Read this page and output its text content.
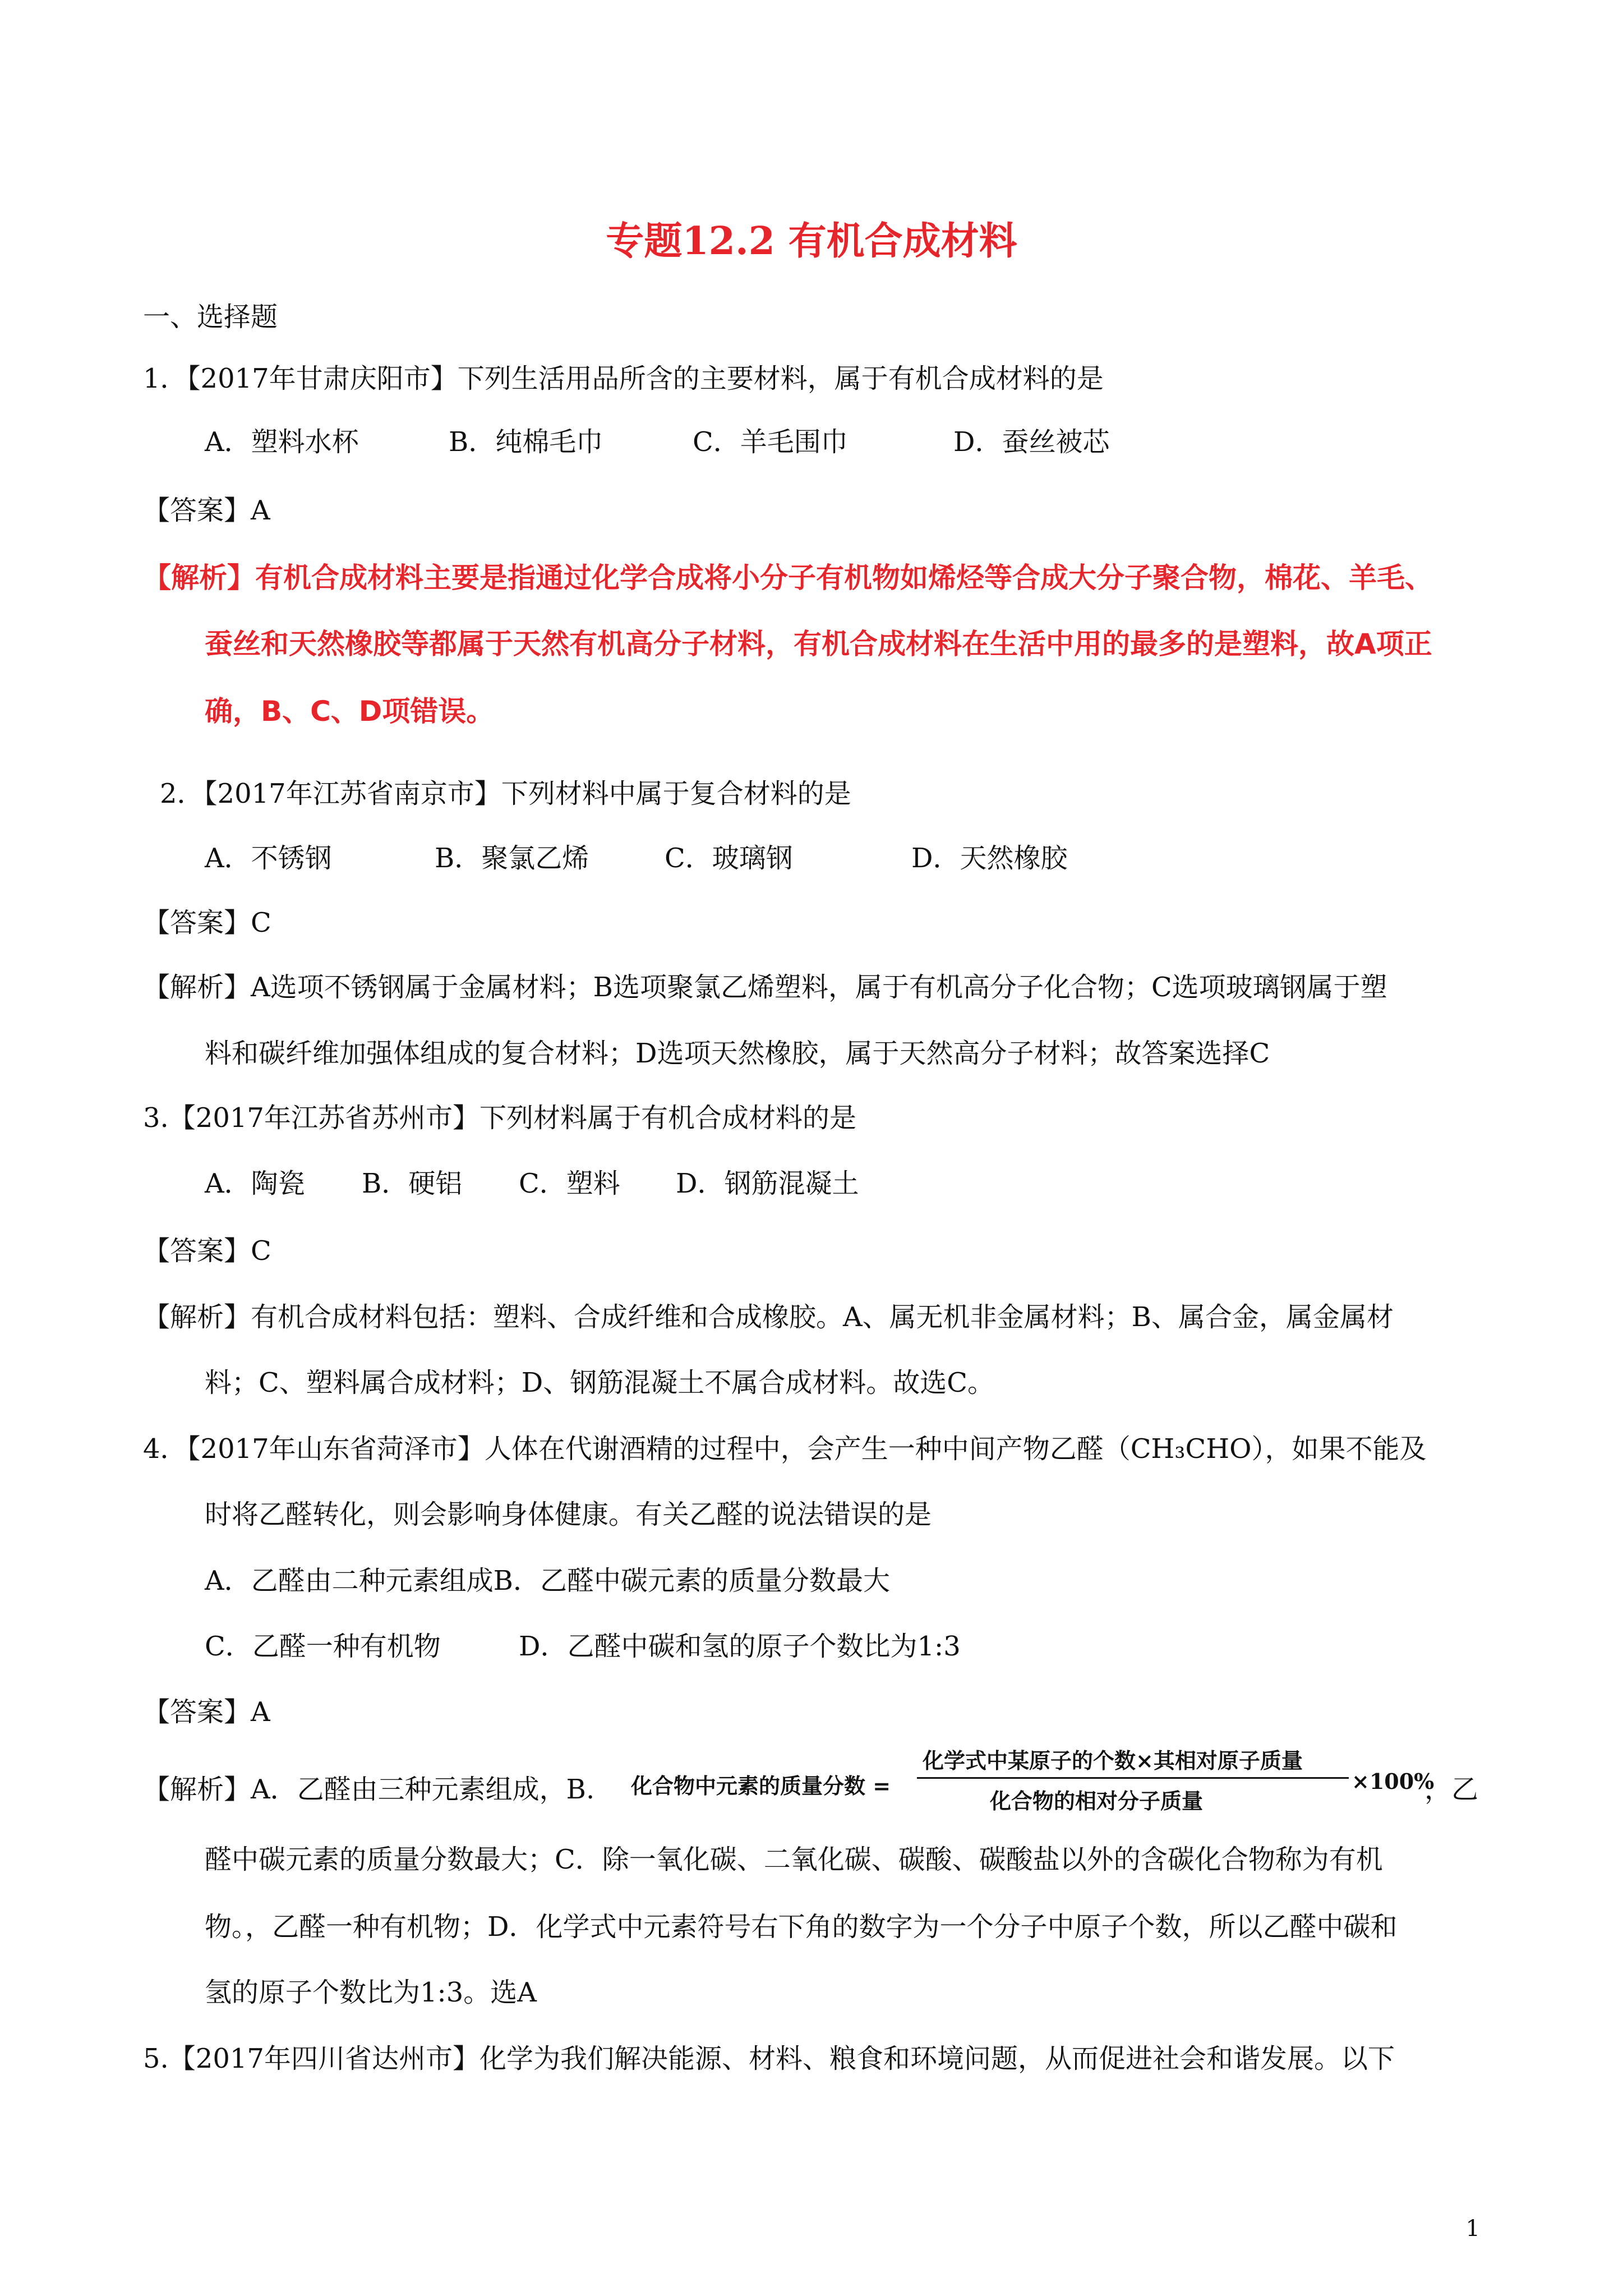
专题12.2 有机合成材料
一、选择题
1．【2017年甘肃庆阳市】下列生活用品所含的主要材料，属于有机合成材料的是
A．塑料水杯	B．纯棉毛巾	C．羊毛围巾	D．蚕丝被芯
【答案】A
【解析】有机合成材料主要是指通过化学合成将小分子有机物如烯烃等合成大分子聚合物，棉花、羊毛、
蚕丝和天然橡胶等都属于天然有机高分子材料，有机合成材料在生活中用的最多的是塑料，故A项正
确，B、C、D项错误。
2．【2017年江苏省南京市】下列材料中属于复合材料的是
A．不锈钢	B．聚氯乙烯	C．玻璃钢	D．天然橡胶
【答案】C
【解析】A选项不锈钢属于金属材料；B选项聚氯乙烯塑料，属于有机高分子化合物；C选项玻璃钢属于塑
料和碳纤维加强体组成的复合材料；D选项天然橡胶，属于天然高分子材料；故答案选择C
3.【2017年江苏省苏州市】下列材料属于有机合成材料的是
A．陶瓷 B．硬铝 C．塑料 D．钢筋混凝土
【答案】C
【解析】有机合成材料包括：塑料、合成纤维和合成橡胶。A、属无机非金属材料；B、属合金，属金属材
料；C、塑料属合成材料；D、钢筋混凝土不属合成材料。故选C。
4．【2017年山东省菏泽市】人体在代谢酒精的过程中，会产生一种中间产物乙醛（CH₃CHO），如果不能及
时将乙醛转化，则会影响身体健康。有关乙醛的说法错误的是
A．乙醛由二种元素组成B．乙醛中碳元素的质量分数最大
C．乙醛一种有机物	D．乙醛中碳和氢的原子个数比为1:3
【答案】A
【解析】A．乙醛由三种元素组成，B. 化合物中元素的质量分数 =
化学式中某原子的个数×其相对原子质量
化合物的相对分子质量
×100%
，乙
醛中碳元素的质量分数最大；C．除一氧化碳、二氧化碳、碳酸、碳酸盐以外的含碳化合物称为有机
物。，乙醛一种有机物；D．化学式中元素符号右下角的数字为一个分子中原子个数，所以乙醛中碳和
氢的原子个数比为1:3。选A
5.【2017年四川省达州市】化学为我们解决能源、材料、粮食和环境问题，从而促进社会和谐发展。以下
1
